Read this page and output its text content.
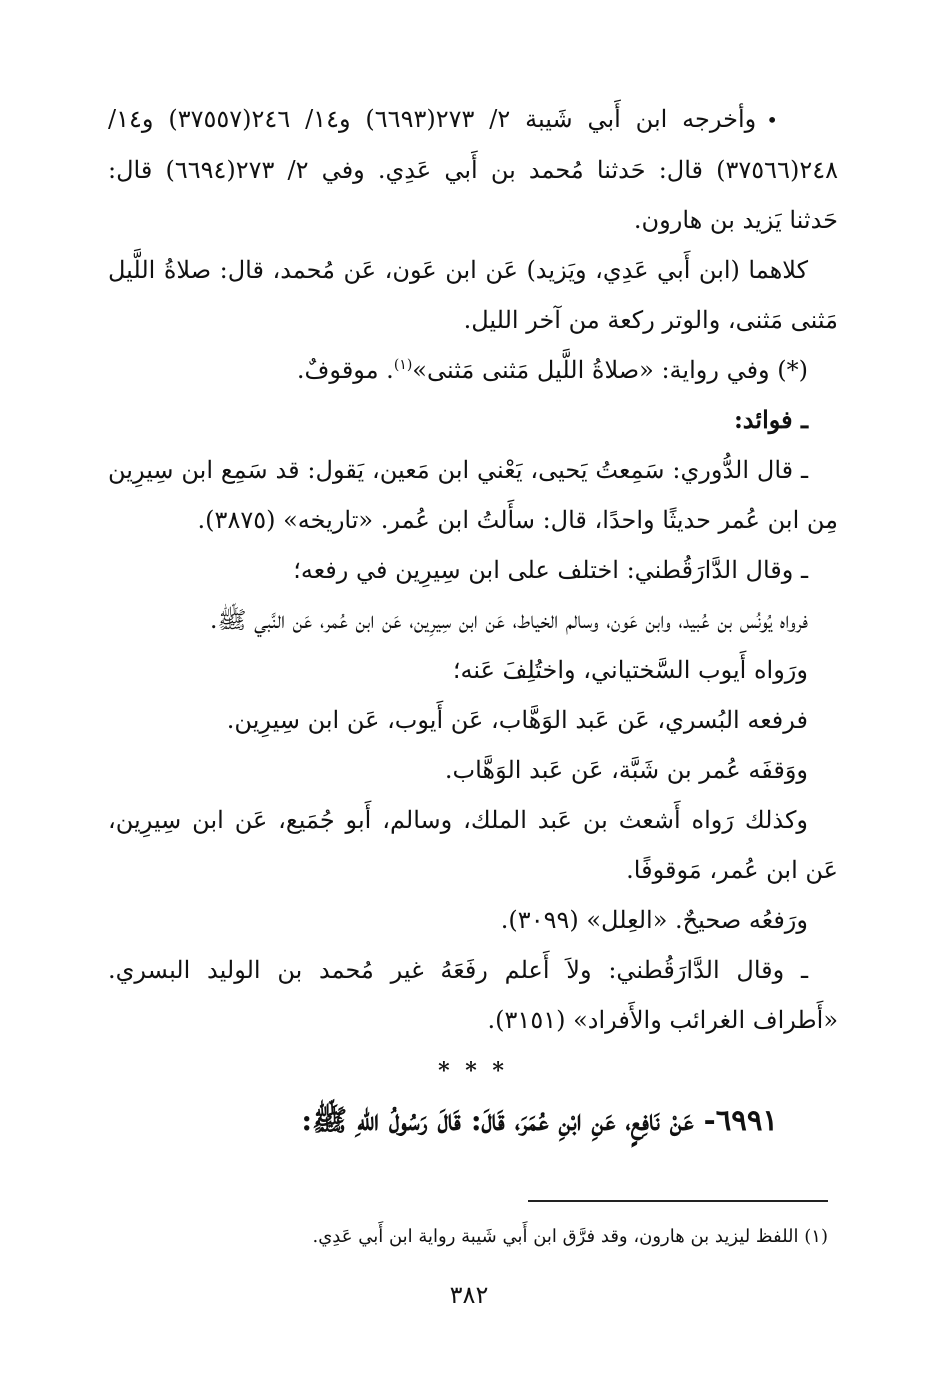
•وأخرجه ابن أَبي شَيبة ٢/ ٢٧٣(٦٦٩٣) و١٤/ ٢٤٦(٣٧٥٥٧) و١٤/ ٢٤٨(٣٧٥٦٦) قال: حَدثنا مُحمد بن أَبي عَدِي. وفي ٢/ ٢٧٣(٦٦٩٤) قال: حَدثنا يَزيد بن هارون.

كلاهما (ابن أَبي عَدِي، ويَزيد) عَن ابن عَون، عَن مُحمد، قال: صلاةُ اللَّيل مَثنى مَثنى، والوتر ركعة من آخر الليل.

(*) وفي رواية: «صلاةُ اللَّيل مَثنى مَثنى»$^{(١)}$. موقوفٌ.

ـ فوائد:

ـ قال الدُّوري: سَمِعتُ يَحيى، يَعْني ابن مَعين، يَقول: قد سَمِع ابن سِيرِين مِن ابن عُمر حديثًا واحدًا، قال: سأَلتُ ابن عُمر. «تاريخه» (٣٨٧٥).

ـ وقال الدَّارَقُطني: اختلف على ابن سِيرِين في رفعه؛

فرواه يُونُس بن عُبيد، وابن عَون، وسالم الخياط، عَن ابن سِيرِين، عَن ابن عُمر، عَن النَّبي ﷺ.

ورَواه أَيوب السَّختياني، واختُلِفَ عَنه؛

فرفعه البُسري، عَن عَبد الوَهَّاب، عَن أَيوب، عَن ابن سِيرِين.

ووَقفَه عُمر بن شَبَّة، عَن عَبد الوَهَّاب.

وكذلك رَواه أَشعث بن عَبد الملك، وسالم، أَبو جُمَيع، عَن ابن سِيرِين، عَن ابن عُمر، مَوقوفًا.

ورَفعُه صحيحٌ. «العِلل» (٣٠٩٩).

ـ وقال الدَّارَقُطني: ولاَ أَعلم رفَعَهُ غير مُحمد بن الوليد البسري. «أَطراف الغرائب والأَفراد» (٣١٥١).

* * *

٦٩٩١- عَنْ نَافِعٍ، عَنِ ابْنِ عُمَرَ، قَالَ: قَالَ رَسُولُ اللهِ ﷺ:

(١) اللفظ ليزيد بن هارون، وقد فرَّق ابن أَبي شَيبة رواية ابن أَبي عَدِي.

٣٨٢
